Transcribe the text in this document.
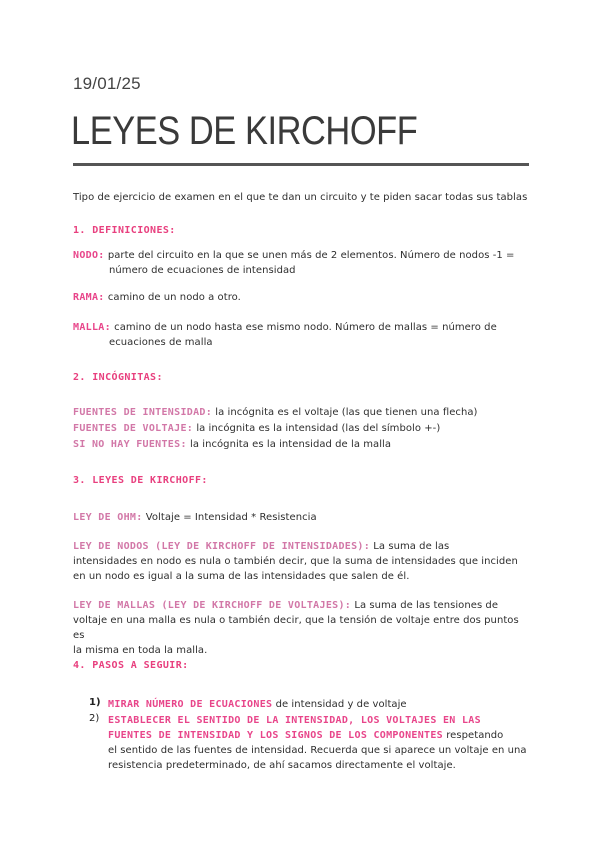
19/01/25
LEYES DE KIRCHOFF
Tipo de ejercicio de examen en el que te dan un circuito y te piden sacar todas sus tablas
1. DEFINICIONES:
NODO: parte del circuito en la que se unen más de 2 elementos. Número de nodos -1 =
número de ecuaciones de intensidad
RAMA: camino de un nodo a otro.
MALLA: camino de un nodo hasta ese mismo nodo. Número de mallas = número de
ecuaciones de malla
2. INCÓGNITAS:
FUENTES DE INTENSIDAD: la incógnita es el voltaje (las que tienen una flecha)
FUENTES DE VOLTAJE: la incógnita es la intensidad (las del símbolo +-)
SI NO HAY FUENTES: la incógnita es la intensidad de la malla
3. LEYES DE KIRCHOFF:
LEY DE OHM: Voltaje = Intensidad * Resistencia
LEY DE NODOS (LEY DE KIRCHOFF DE INTENSIDADES): La suma de las
intensidades en nodo es nula o también decir, que la suma de intensidades que inciden
en un nodo es igual a la suma de las intensidades que salen de él.
LEY DE MALLAS (LEY DE KIRCHOFF DE VOLTAJES): La suma de las tensiones de
voltaje en una malla es nula o también decir, que la tensión de voltaje entre dos puntos es
la misma en toda la malla.
4. PASOS A SEGUIR:
1) MIRAR NÚMERO DE ECUACIONES de intensidad y de voltaje
2) ESTABLECER EL SENTIDO DE LA INTENSIDAD, LOS VOLTAJES EN LAS
FUENTES DE INTENSIDAD Y LOS SIGNOS DE LOS COMPONENTES respetando
el sentido de las fuentes de intensidad. Recuerda que si aparece un voltaje en una
resistencia predeterminado, de ahí sacamos directamente el voltaje.
